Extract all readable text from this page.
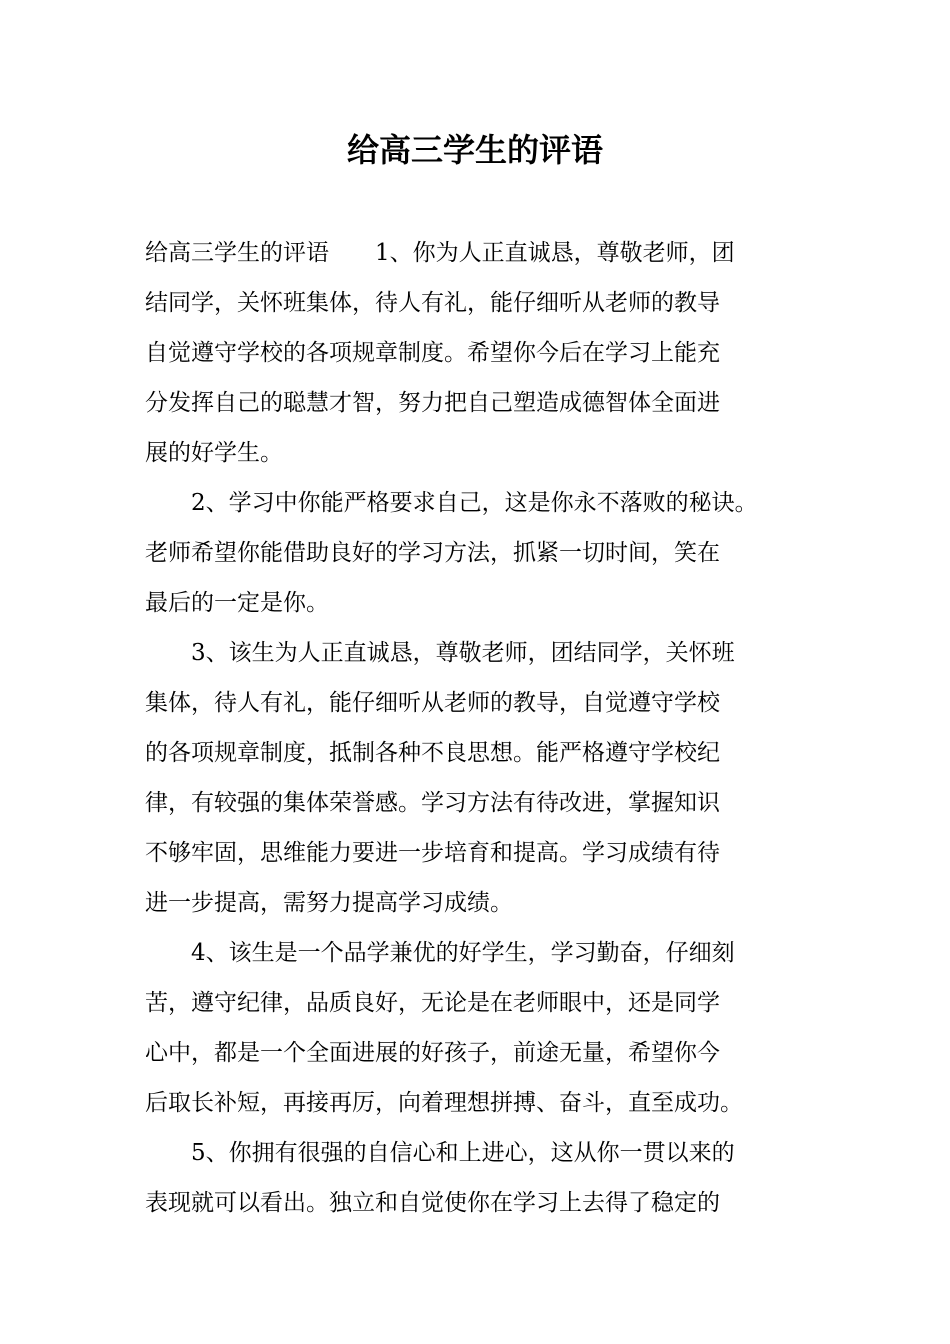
给高三学生的评语
给高三学生的评语　　1、你为人正直诚恳，尊敬老师，团
结同学，关怀班集体，待人有礼，能仔细听从老师的教导
自觉遵守学校的各项规章制度。希望你今后在学习上能充
分发挥自己的聪慧才智，努力把自己塑造成德智体全面进
展的好学生。
2、学习中你能严格要求自己，这是你永不落败的秘诀。
老师希望你能借助良好的学习方法，抓紧一切时间，笑在
最后的一定是你。
3、该生为人正直诚恳，尊敬老师，团结同学，关怀班
集体，待人有礼，能仔细听从老师的教导，自觉遵守学校
的各项规章制度，抵制各种不良思想。能严格遵守学校纪
律，有较强的集体荣誉感。学习方法有待改进，掌握知识
不够牢固，思维能力要进一步培育和提高。学习成绩有待
进一步提高，需努力提高学习成绩。
4、该生是一个品学兼优的好学生，学习勤奋，仔细刻
苦，遵守纪律，品质良好，无论是在老师眼中，还是同学
心中，都是一个全面进展的好孩子，前途无量，希望你今
后取长补短，再接再厉，向着理想拼搏、奋斗，直至成功。
5、你拥有很强的自信心和上进心，这从你一贯以来的
表现就可以看出。独立和自觉使你在学习上去得了稳定的
